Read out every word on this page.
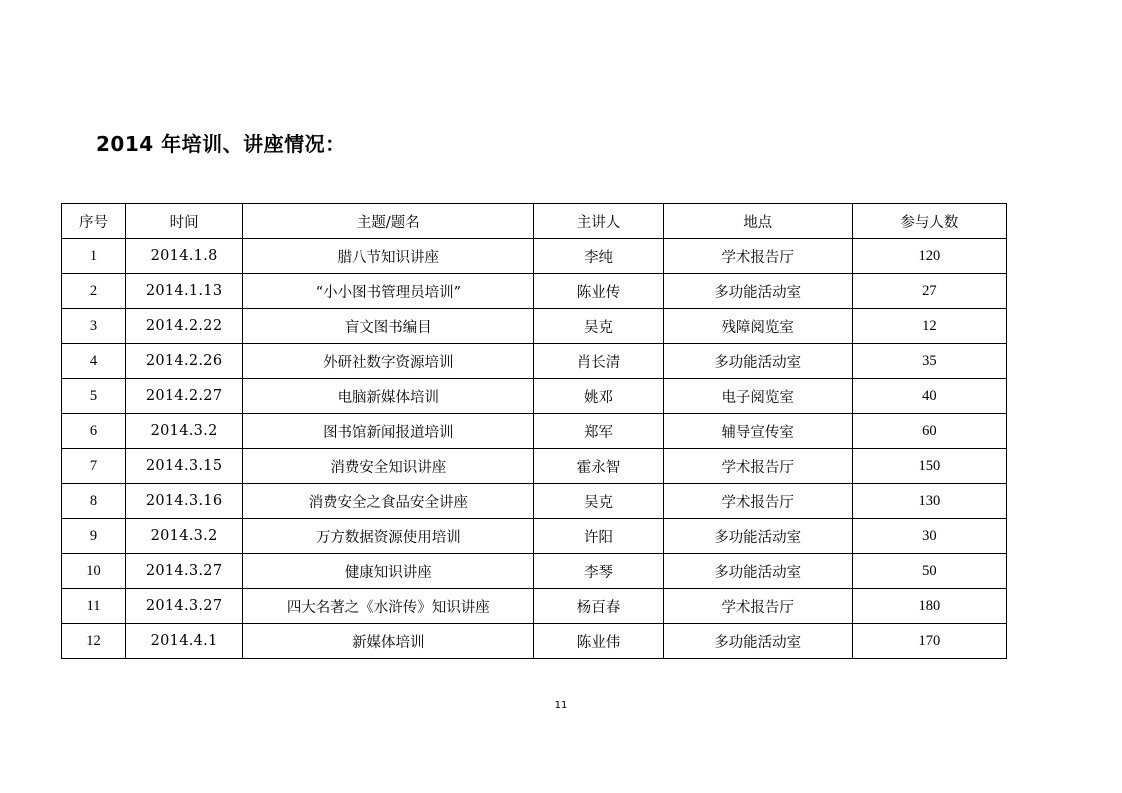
2014 年培训、讲座情况：
序号	时间	主题/题名	主讲人	地点	参与人数
1	2014.1.8	腊八节知识讲座	李纯	学术报告厅	120
2	2014.1.13	“小小图书管理员培训”	陈业传	多功能活动室	27
3	2014.2.22	盲文图书编目	吴克	残障阅览室	12
4	2014.2.26	外研社数字资源培训	肖长清	多功能活动室	35
5	2014.2.27	电脑新媒体培训	姚邓	电子阅览室	40
6	2014.3.2	图书馆新闻报道培训	郑军	辅导宣传室	60
7	2014.3.15	消费安全知识讲座	霍永智	学术报告厅	150
8	2014.3.16	消费安全之食品安全讲座	吴克	学术报告厅	130
9	2014.3.2	万方数据资源使用培训	许阳	多功能活动室	30
10	2014.3.27	健康知识讲座	李琴	多功能活动室	50
11	2014.3.27	四大名著之《水浒传》知识讲座	杨百春	学术报告厅	180
12	2014.4.1	新媒体培训	陈业伟	多功能活动室	170
11
